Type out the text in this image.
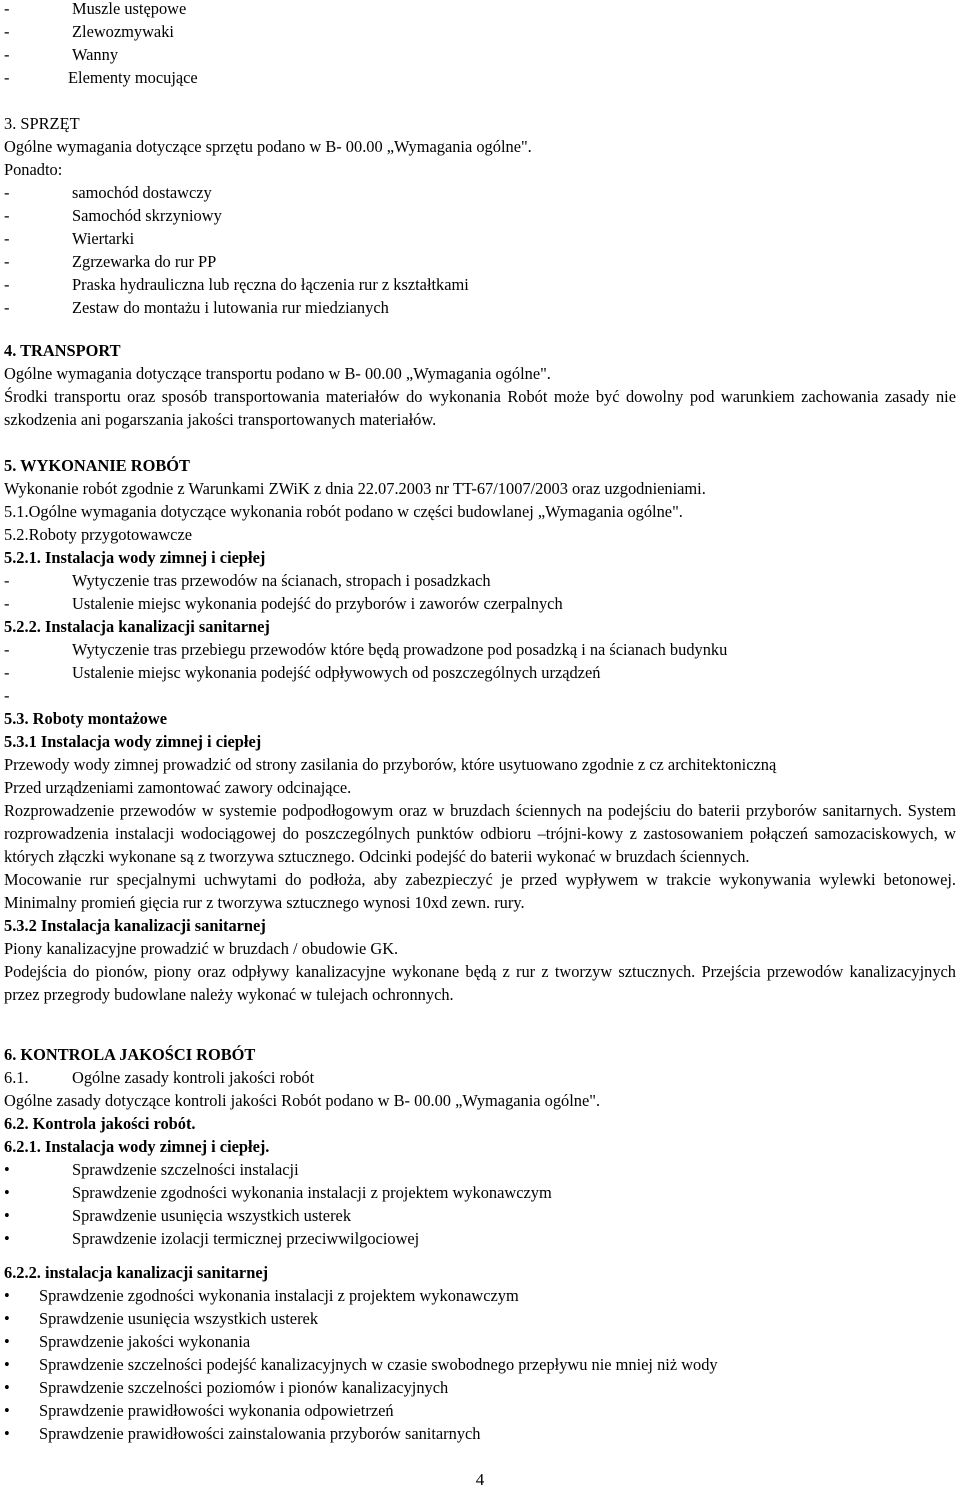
-	Muszle ustępowe
-	Zlewozmywaki
-	Wanny
-	Elementy mocujące
3. SPRZĘT
Ogólne wymagania dotyczące sprzętu podano w B- 00.00 „Wymagania ogólne".
Ponadto:
-	samochód dostawczy
-	Samochód skrzyniowy
-	Wiertarki
-	Zgrzewarka do rur PP
-	Praska hydrauliczna lub ręczna do łączenia rur z kształtkami
-	Zestaw do montażu i lutowania rur miedzianych
4. TRANSPORT
Ogólne wymagania dotyczące transportu podano w B- 00.00 „Wymagania ogólne".

Środki transportu oraz sposób transportowania materiałów do wykonania Robót może być dowolny pod warunkiem zachowania zasady nie szkodzenia ani pogarszania jakości transportowanych materiałów.

5. WYKONANIE ROBÓT
Wykonanie robót zgodnie z Warunkami ZWiK z dnia 22.07.2003 nr TT-67/1007/2003 oraz uzgodnieniami.
5.1.Ogólne wymagania dotyczące wykonania robót podano w części budowlanej „Wymagania ogólne".
5.2.Roboty przygotowawcze
5.2.1. Instalacja wody zimnej i ciepłej
-	Wytyczenie tras przewodów na ścianach, stropach i posadzkach
-	Ustalenie miejsc wykonania podejść do przyborów i zaworów czerpalnych
5.2.2. Instalacja kanalizacji sanitarnej
-	Wytyczenie tras przebiegu przewodów które będą prowadzone pod posadzką i na ścianach budynku
-	Ustalenie miejsc wykonania podejść odpływowych od poszczególnych urządzeń
-
5.3. Roboty montażowe
5.3.1 Instalacja wody zimnej i ciepłej
Przewody wody zimnej prowadzić od strony zasilania do przyborów, które usytuowano zgodnie z cz architektoniczną
Przed urządzeniami zamontować zawory odcinające.

Rozprowadzenie przewodów w systemie podpodłogowym oraz w bruzdach ściennych na podejściu do baterii przyborów sanitarnych. System rozprowadzenia instalacji wodociągowej do poszczególnych punktów odbioru –trójni-kowy z zastosowaniem połączeń samozaciskowych, w których złączki wykonane są z tworzywa sztucznego. Odcinki podejść do baterii wykonać w bruzdach ściennych.

Mocowanie rur specjalnymi uchwytami do podłoża, aby zabezpieczyć je przed wypływem w trakcie wykonywania wylewki betonowej. Minimalny promień gięcia rur z tworzywa sztucznego wynosi 10xd zewn. rury.

5.3.2 Instalacja kanalizacji sanitarnej
Piony kanalizacyjne prowadzić w bruzdach / obudowie GK.

Podejścia do pionów, piony oraz odpływy kanalizacyjne wykonane będą z rur z tworzyw sztucznych. Przejścia przewodów kanalizacyjnych przez przegrody budowlane należy wykonać w tulejach ochronnych.

6. KONTROLA JAKOŚCI ROBÓT
6.1.	Ogólne zasady kontroli jakości robót
Ogólne zasady dotyczące kontroli jakości Robót podano w B- 00.00 „Wymagania ogólne".
6.2. Kontrola jakości robót.
6.2.1. Instalacja wody zimnej i ciepłej.
•	Sprawdzenie szczelności instalacji
•	Sprawdzenie zgodności wykonania instalacji z projektem wykonawczym
•	Sprawdzenie usunięcia wszystkich usterek
•	Sprawdzenie izolacji termicznej przeciwwilgociowej
6.2.2. instalacja kanalizacji sanitarnej
• Sprawdzenie zgodności wykonania instalacji z projektem wykonawczym
• Sprawdzenie usunięcia wszystkich usterek
• Sprawdzenie jakości wykonania
• Sprawdzenie szczelności podejść kanalizacyjnych w czasie swobodnego przepływu nie mniej niż wody
• Sprawdzenie szczelności poziomów i pionów kanalizacyjnych
• Sprawdzenie prawidłowości wykonania odpowietrzeń
• Sprawdzenie prawidłowości zainstalowania przyborów sanitarnych
4
